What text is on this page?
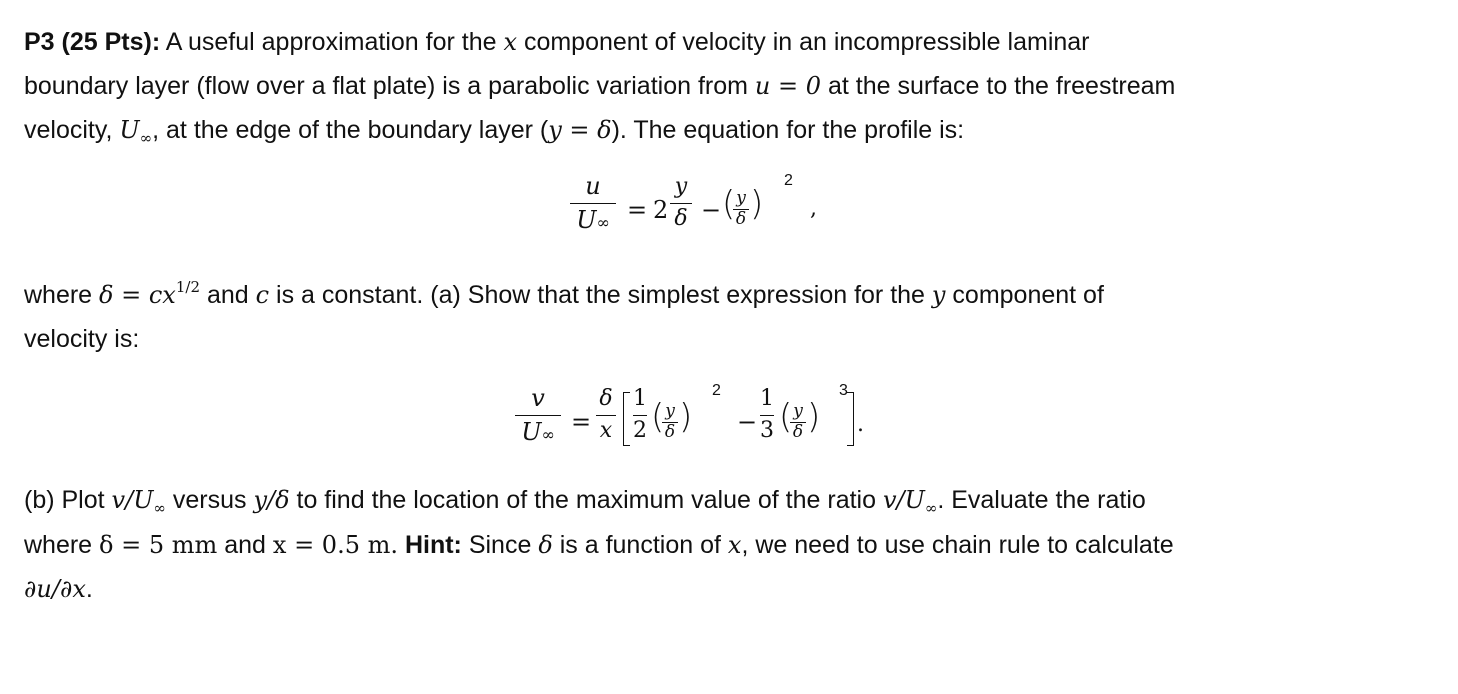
P3 (25 Pts): A useful approximation for the x component of velocity in an incompressible laminar
boundary layer (flow over a flat plate) is a parabolic variation from u = 0 at the surface to the freestream
velocity, $U_\infty$, at the edge of the boundary layer (y = δ). The equation for the profile is:
u
U∞ = 2
y
δ − ( y
δ )
2
,
where $\delta = cx^{1/2}$ and c is a constant. (a) Show that the simplest expression for the y component of
velocity is:
v
U∞ =
δ
x
1
2 ( y
δ )
2
−
1
3 ( y
δ )
3
.
(b) Plot $v/U_\infty$ versus y/δ to find the location of the maximum value of the ratio $v/U_\infty$. Evaluate the ratio
where δ = 5 mm and x = 0.5 m. Hint: Since δ is a function of x, we need to use chain rule to calculate
∂u/∂x.
